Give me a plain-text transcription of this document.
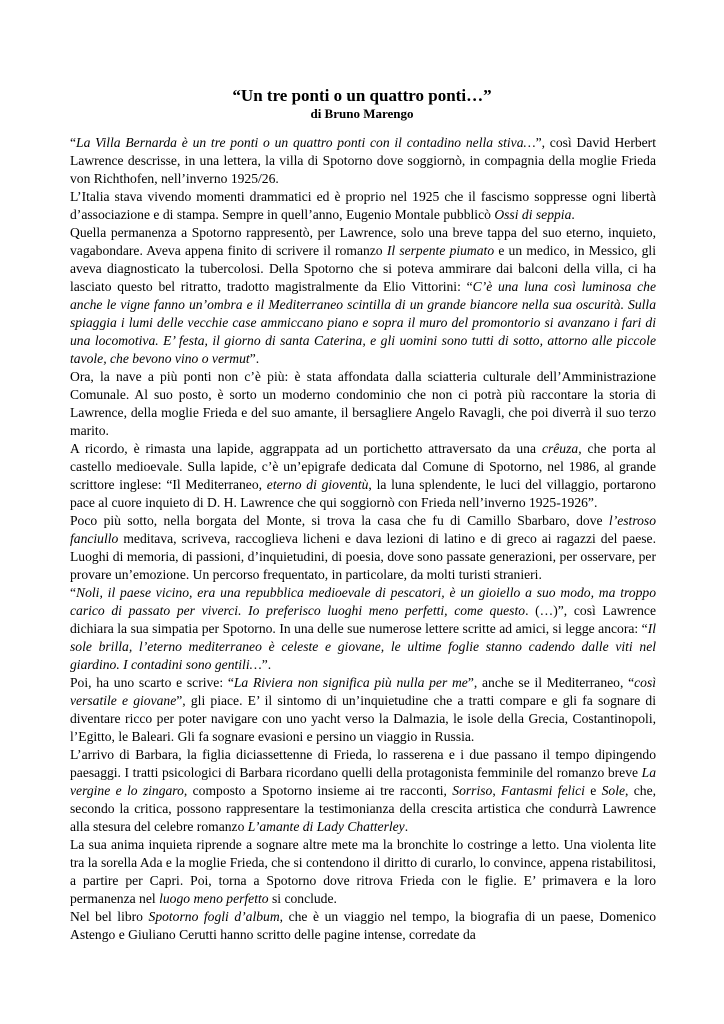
“Un tre ponti o un quattro ponti…”

di Bruno Marengo

“La Villa Bernarda è un tre ponti o un quattro ponti con il contadino nella stiva…”, così David Herbert Lawrence descrisse, in una lettera, la villa di Spotorno dove soggiornò, in compagnia della moglie Frieda von Richthofen, nell’inverno 1925/26.

L’Italia stava vivendo momenti drammatici ed è proprio nel 1925 che il fascismo soppresse ogni libertà d’associazione e di stampa. Sempre in quell’anno, Eugenio Montale pubblicò Ossi di seppia.

Quella permanenza a Spotorno rappresentò, per Lawrence, solo una breve tappa del suo eterno, inquieto, vagabondare. Aveva appena finito di scrivere il romanzo Il serpente piumato e un medico, in Messico, gli aveva diagnosticato la tubercolosi. Della Spotorno che si poteva ammirare dai balconi della villa, ci ha lasciato questo bel ritratto, tradotto magistralmente da Elio Vittorini: “C’è una luna così luminosa che anche le vigne fanno un’ombra e il Mediterraneo scintilla di un grande biancore nella sua oscurità. Sulla spiaggia i lumi delle vecchie case ammiccano piano e sopra il muro del promontorio si avanzano i fari di una locomotiva. E’ festa, il giorno di santa Caterina, e gli uomini sono tutti di sotto, attorno alle piccole tavole, che bevono vino o vermut”.

Ora, la nave a più ponti non c’è più: è stata affondata dalla sciatteria culturale dell’Amministrazione Comunale. Al suo posto, è sorto un moderno condominio che non ci potrà più raccontare la storia di Lawrence, della moglie Frieda e del suo amante, il bersagliere Angelo Ravagli, che poi diverrà il suo terzo marito.

A ricordo, è rimasta una lapide, aggrappata ad un portichetto attraversato da una crêuza, che porta al castello medioevale. Sulla lapide, c’è un’epigrafe dedicata dal Comune di Spotorno, nel 1986, al grande scrittore inglese: “Il Mediterraneo, eterno di gioventù, la luna splendente, le luci del villaggio, portarono pace al cuore inquieto di D. H. Lawrence che qui soggiornò con Frieda nell’inverno 1925-1926”.

Poco più sotto, nella borgata del Monte, si trova la casa che fu di Camillo Sbarbaro, dove l’estroso fanciullo meditava, scriveva, raccoglieva licheni e dava lezioni di latino e di greco ai ragazzi del paese. Luoghi di memoria, di passioni, d’inquietudini, di poesia, dove sono passate generazioni, per osservare, per provare un’emozione. Un percorso frequentato, in particolare, da molti turisti stranieri.

“Noli, il paese vicino, era una repubblica medioevale di pescatori, è un gioiello a suo modo, ma troppo carico di passato per viverci. Io preferisco luoghi meno perfetti, come questo. (…)”, così Lawrence dichiara la sua simpatia per Spotorno. In una delle sue numerose lettere scritte ad amici, si legge ancora: “Il sole brilla, l’eterno mediterraneo è celeste e giovane, le ultime foglie stanno cadendo dalle viti nel giardino. I contadini sono gentili…”.

Poi, ha uno scarto e scrive: “La Riviera non significa più nulla per me”, anche se il Mediterraneo, “così versatile e giovane”, gli piace. E’ il sintomo di un’inquietudine che a tratti compare e gli fa sognare di diventare ricco per poter navigare con uno yacht verso la Dalmazia, le isole della Grecia, Costantinopoli, l’Egitto, le Baleari. Gli fa sognare evasioni e persino un viaggio in Russia.

L’arrivo di Barbara, la figlia diciassettenne di Frieda, lo rasserena e i due passano il tempo dipingendo paesaggi. I tratti psicologici di Barbara ricordano quelli della protagonista femminile del romanzo breve La vergine e lo zingaro, composto a Spotorno insieme ai tre racconti, Sorriso, Fantasmi felici e Sole, che, secondo la critica, possono rappresentare la testimonianza della crescita artistica che condurrà Lawrence alla stesura del celebre romanzo L’amante di Lady Chatterley.

La sua anima inquieta riprende a sognare altre mete ma la bronchite lo costringe a letto. Una violenta lite tra la sorella Ada e la moglie Frieda, che si contendono il diritto di curarlo, lo convince, appena ristabilitosi, a partire per Capri. Poi, torna a Spotorno dove ritrova Frieda con le figlie. E’ primavera e la loro permanenza nel luogo meno perfetto si conclude.

Nel bel libro Spotorno fogli d’album, che è un viaggio nel tempo, la biografia di un paese, Domenico Astengo e Giuliano Cerutti hanno scritto delle pagine intense, corredate da
